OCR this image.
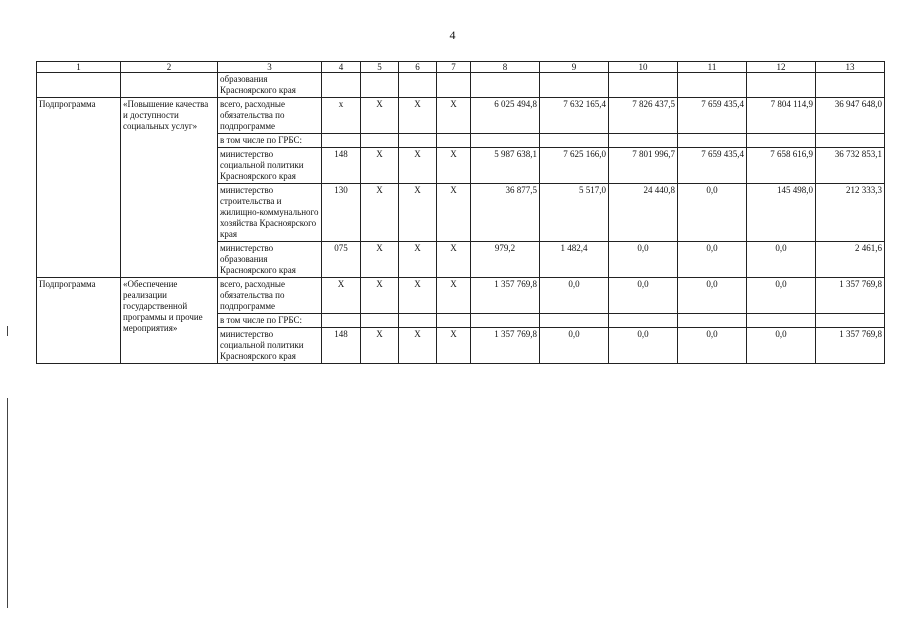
4
1	2	3	4	5	6	7	8	9	10	11	12	13
		образования Красноярского края										
Подпрограмма	«Повышение качества и доступности социальных услуг»	всего, расходные обязательства по подпрограмме	х	Х	Х	Х	6 025 494,8	7 632 165,4	7 826 437,5	7 659 435,4	7 804 114,9	36 947 648,0
		в том числе по ГРБС:										
		министерство социальной политики Красноярского края	148	Х	Х	Х	5 987 638,1	7 625 166,0	7 801 996,7	7 659 435,4	7 658 616,9	36 732 853,1
		министерство строительства и жилищно-коммунального хозяйства Красноярского края	130	Х	Х	Х	36 877,5	5 517,0	24 440,8	0,0	145 498,0	212 333,3
		министерство образования Красноярского края	075	Х	Х	Х	979,2	1 482,4	0,0	0,0	0,0	2 461,6
Подпрограмма	«Обеспечение реализации государственной программы и прочие мероприятия»	всего, расходные обязательства по подпрограмме	Х	Х	Х	Х	1 357 769,8	0,0	0,0	0,0	0,0	1 357 769,8
		в том числе по ГРБС:										
		министерство социальной политики Красноярского края	148	Х	Х	Х	1 357 769,8	0,0	0,0	0,0	0,0	1 357 769,8
